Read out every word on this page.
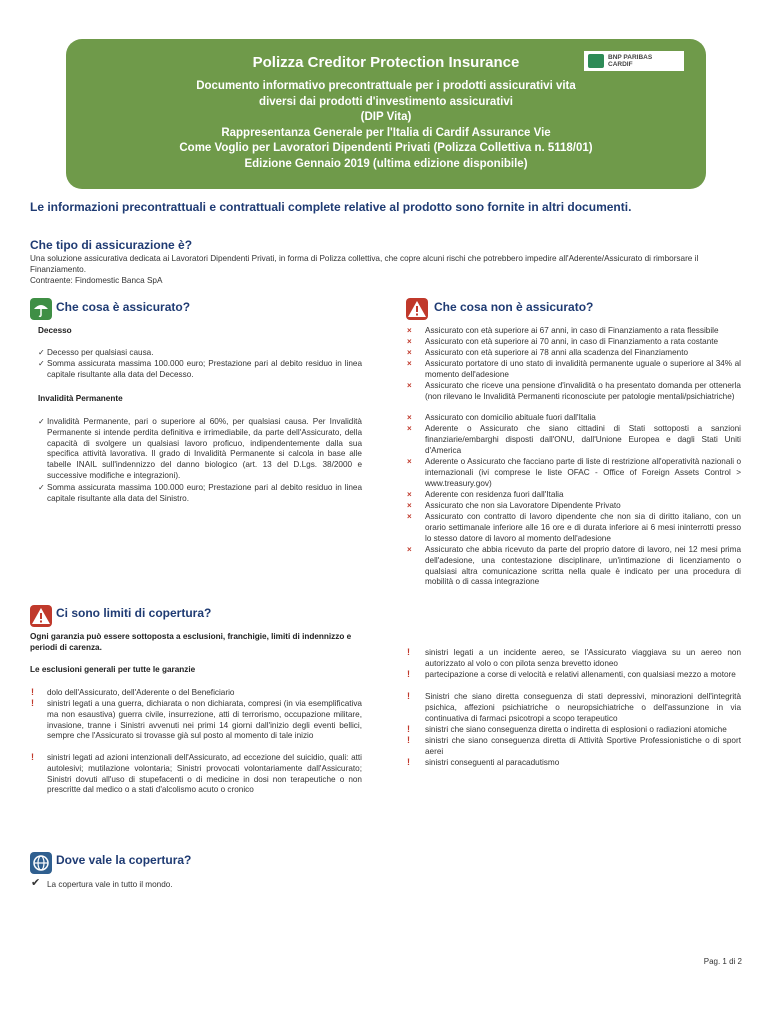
Polizza Creditor Protection Insurance
Documento informativo precontrattuale per i prodotti assicurativi vita
diversi dai prodotti d'investimento assicurativi
(DIP Vita)
Rappresentanza Generale per l'Italia di Cardif Assurance Vie
Come Voglio per Lavoratori Dipendenti Privati (Polizza Collettiva n. 5118/01)
Edizione Gennaio 2019 (ultima edizione disponibile)
BNP PARIBAS
CARDIF
Le informazioni precontrattuali e contrattuali complete relative al prodotto sono fornite in altri documenti.
Che tipo di assicurazione è?
Una soluzione assicurativa dedicata ai Lavoratori Dipendenti Privati, in forma di Polizza collettiva, che copre alcuni rischi che potrebbero impedire all'Aderente/Assicurato di rimborsare il Finanziamento.
Contraente: Findomestic Banca SpA
Che cosa è assicurato?
Decesso
✓ Decesso per qualsiasi causa.
✓ Somma assicurata massima 100.000 euro; Prestazione pari al debito residuo in linea capitale risultante alla data del Decesso.
Invalidità Permanente
✓ Invalidità Permanente, pari o superiore al 60%, per qualsiasi causa. Per Invalidità Permanente si intende perdita definitiva e irrimediabile, da parte dell'Assicurato, della capacità di svolgere un qualsiasi lavoro proficuo, indipendentemente dalla sua specifica attività lavorativa. Il grado di Invalidità Permanente si calcola in base alle tabelle INAIL sull'indennizzo del danno biologico (art. 13 del D.Lgs. 38/2000 e successive modifiche e integrazioni).
✓ Somma assicurata massima 100.000 euro; Prestazione pari al debito residuo in linea capitale risultante alla data del Sinistro.
Che cosa non è assicurato?
× Assicurato con età superiore ai 67 anni, in caso di Finanziamento a rata flessibile
× Assicurato con età superiore ai 70 anni, in caso di Finanziamento a rata costante
× Assicurato con età superiore ai 78 anni alla scadenza del Finanziamento
× Assicurato portatore di uno stato di invalidità permanente uguale o superiore al 34% al momento dell'adesione
× Assicurato che riceve una pensione d'invalidità o ha presentato domanda per ottenerla (non rilevano le Invalidità Permanenti riconosciute per patologie mentali/psichiatriche)
× Assicurato con domicilio abituale fuori dall'Italia
× Aderente o Assicurato che siano cittadini di Stati sottoposti a sanzioni finanziarie/embarghi disposti dall'ONU, dall'Unione Europea e dagli Stati Uniti d'America
× Aderente o Assicurato che facciano parte di liste di restrizione all'operatività nazionali o internazionali (ivi comprese le liste OFAC - Office of Foreign Assets Control > www.treasury.gov)
× Aderente con residenza fuori dall'Italia
× Assicurato che non sia Lavoratore Dipendente Privato
× Assicurato con contratto di lavoro dipendente che non sia di diritto italiano, con un orario settimanale inferiore alle 16 ore e di durata inferiore ai 6 mesi ininterrotti presso lo stesso datore di lavoro al momento dell'adesione
× Assicurato che abbia ricevuto da parte del proprio datore di lavoro, nei 12 mesi prima dell'adesione, una contestazione disciplinare, un'intimazione di licenziamento o qualsiasi altra comunicazione scritta nella quale è indicato per una procedura di mobilità o di cassa integrazione
Ci sono limiti di copertura?
Ogni garanzia può essere sottoposta a esclusioni, franchigie, limiti di indennizzo e periodi di carenza.
Le esclusioni generali per tutte le garanzie
! dolo dell'Assicurato, dell'Aderente o del Beneficiario
! sinistri legati a una guerra, dichiarata o non dichiarata, compresi (in via esemplificativa ma non esaustiva) guerra civile, insurrezione, atti di terrorismo, occupazione militare, invasione, tranne i Sinistri avvenuti nei primi 14 giorni dall'inizio degli eventi bellici, sempre che l'Assicurato si trovasse già sul posto al momento di tale inizio
! sinistri legati ad azioni intenzionali dell'Assicurato, ad eccezione del suicidio, quali: atti autolesivi; mutilazione volontaria; Sinistri provocati volontariamente dall'Assicurato; Sinistri dovuti all'uso di stupefacenti o di medicine in dosi non terapeutiche o non prescritte dal medico o a stati d'alcolismo acuto o cronico
! sinistri legati a un incidente aereo, se l'Assicurato viaggiava su un aereo non autorizzato al volo o con pilota senza brevetto idoneo
! partecipazione a corse di velocità e relativi allenamenti, con qualsiasi mezzo a motore
! Sinistri che siano diretta conseguenza di stati depressivi, minorazioni dell'integrità psichica, affezioni psichiatriche o neuropsichiatriche o dell'assunzione in via continuativa di farmaci psicotropi a scopo terapeutico
! sinistri che siano conseguenza diretta o indiretta di esplosioni o radiazioni atomiche
! sinistri che siano conseguenza diretta di Attività Sportive Professionistiche o di sport aerei
! sinistri conseguenti al paracadutismo
Dove vale la copertura?
✔ La copertura vale in tutto il mondo.
Pag. 1 di 2
